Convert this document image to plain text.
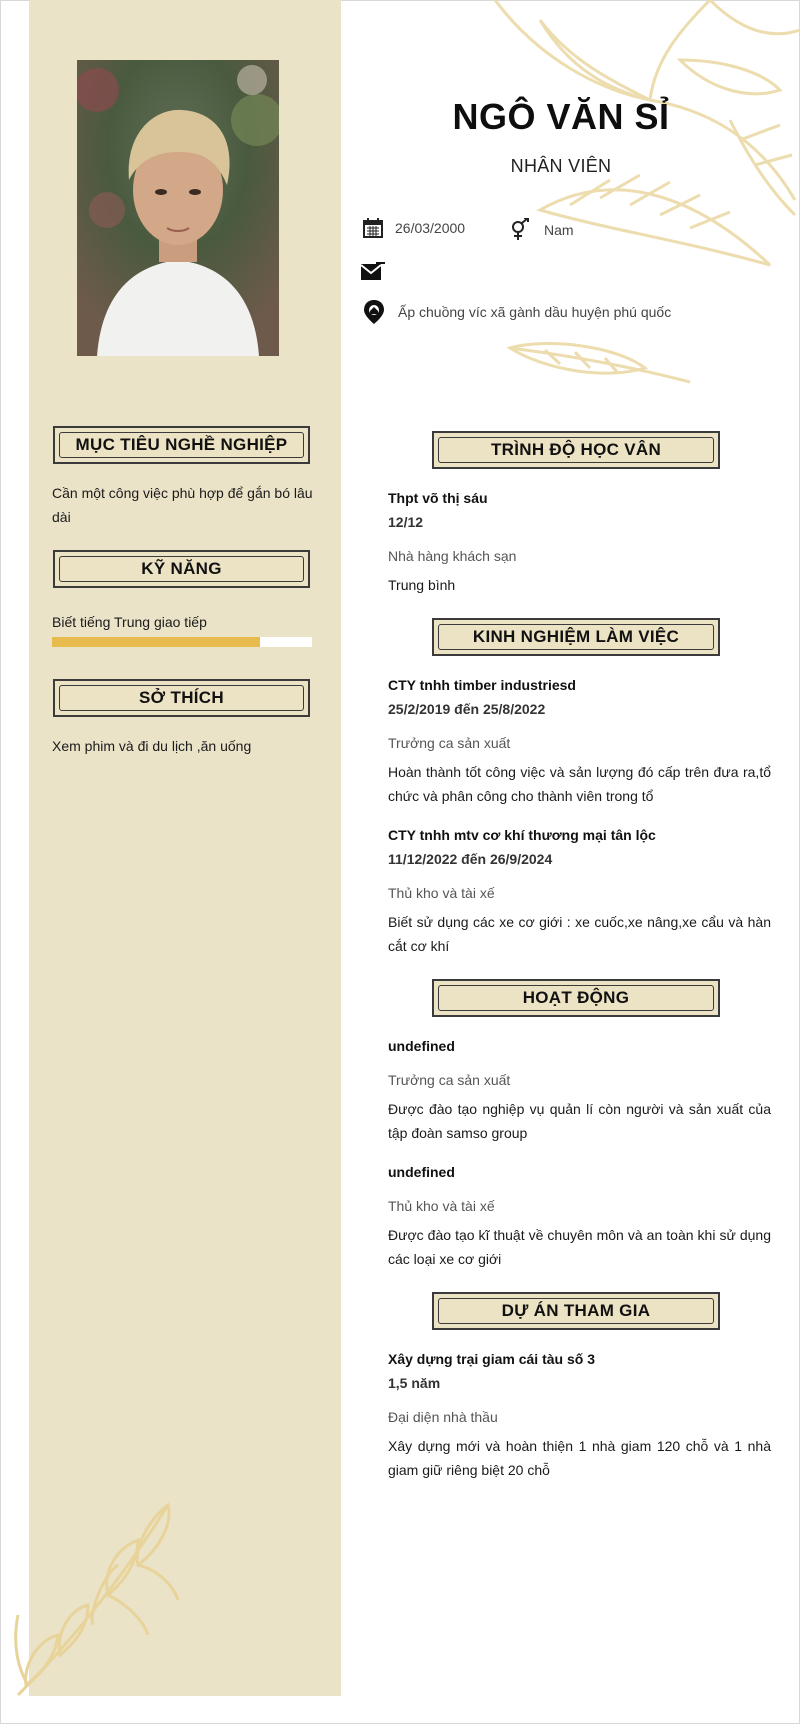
NGÔ VĂN SỈ
NHÂN VIÊN
26/03/2000	Nam
Ấp chuồng víc xã gành dầu huyện phú quốc
MỤC TIÊU NGHỀ NGHIỆP
Cần một công việc phù hợp để gắn bó lâu dài
KỸ NĂNG
Biết tiếng Trung giao tiếp
SỞ THÍCH
Xem phim và đi du lịch ,ăn uống
TRÌNH ĐỘ HỌC VÂN
Thpt võ thị sáu
12/12
Nhà hàng khách sạn
Trung bình
KINH NGHIỆM LÀM VIỆC
CTY tnhh timber industriesd
25/2/2019 đến 25/8/2022
Trưởng ca sản xuất
Hoàn thành tốt công việc và sản lượng đó cấp trên đưa ra,tổ chức và phân công cho thành viên trong tổ
CTY tnhh mtv cơ khí thương mại tân lộc
11/12/2022 đến 26/9/2024
Thủ kho và tài xế
Biết sử dụng các xe cơ giới : xe cuốc,xe nâng,xe cẩu và hàn cắt cơ khí
HOẠT ĐỘNG
undefined
Trưởng ca sản xuất
Được đào tạo nghiệp vụ quản lí còn người và sản xuất của tập đoàn samso group
undefined
Thủ kho và tài xế
Được đào tạo kĩ thuật về chuyên môn và an toàn khi sử dụng các loại xe cơ giới
DỰ ÁN THAM GIA
Xây dựng trại giam cái tàu số 3
1,5 năm
Đại diện nhà thầu
Xây dựng mới và hoàn thiện 1 nhà giam 120 chỗ và 1 nhà giam giữ riêng biệt 20 chỗ
